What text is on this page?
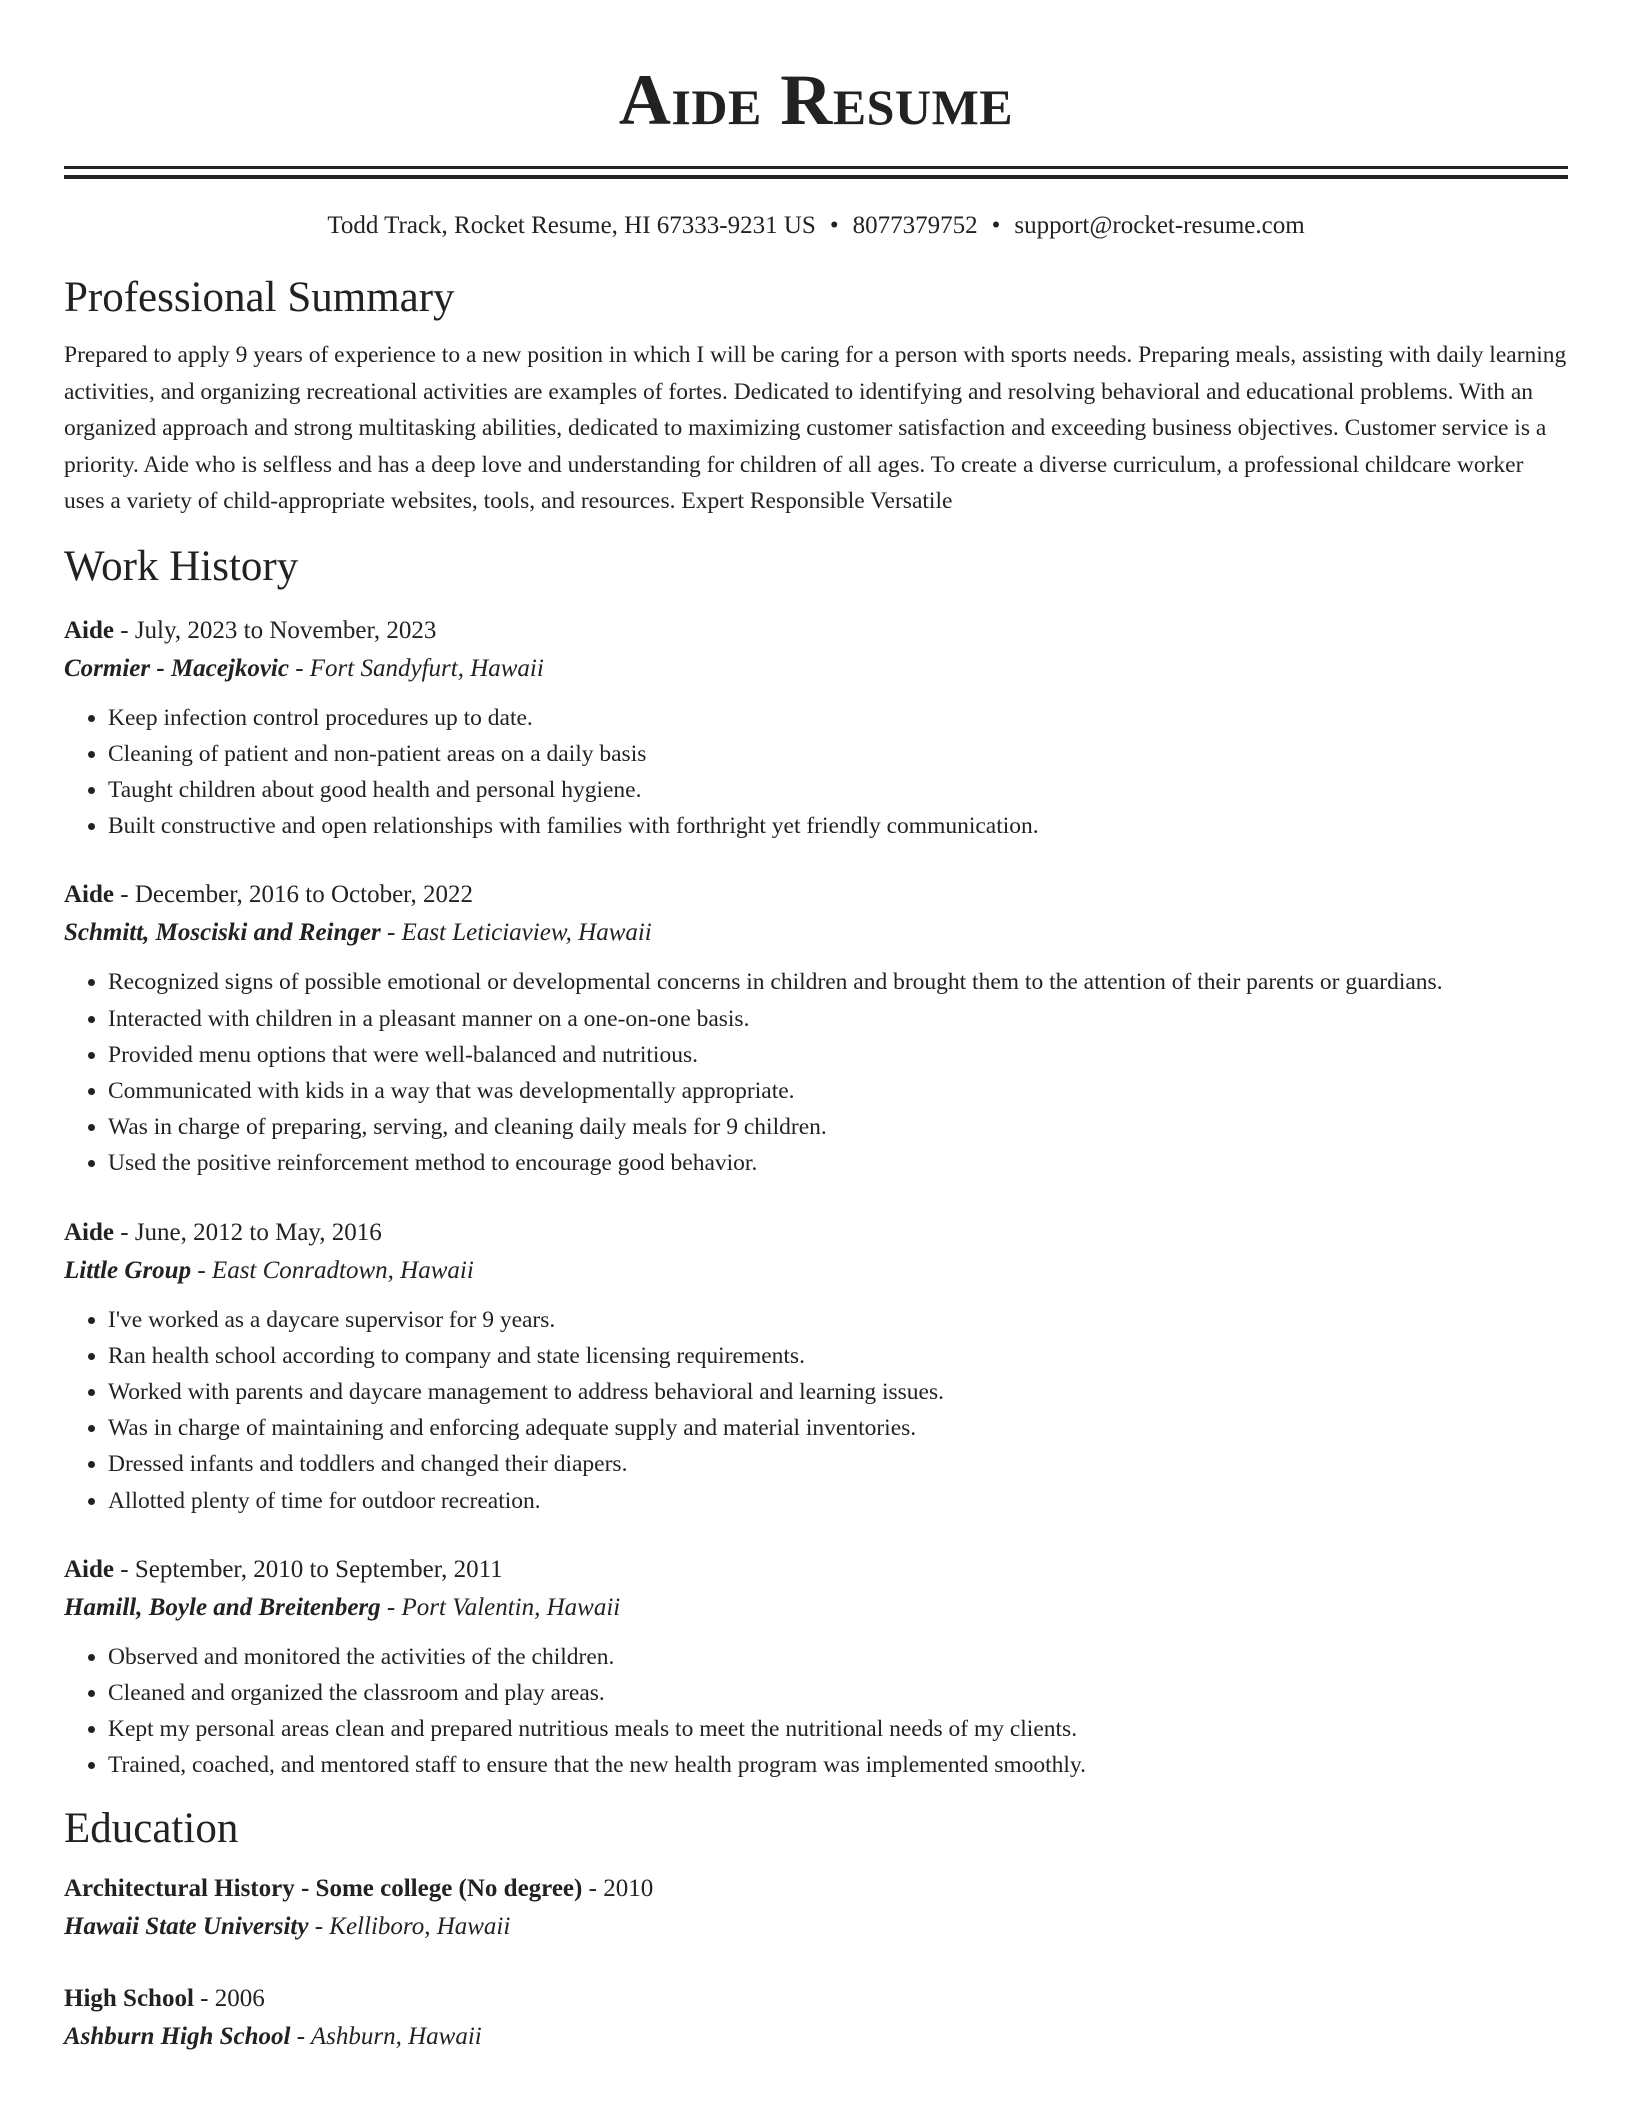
Aide Resume
Todd Track, Rocket Resume, HI 67333-9231 US • 8077379752 • support@rocket-resume.com
Professional Summary

Prepared to apply 9 years of experience to a new position in which I will be caring for a person with sports needs. Preparing meals, assisting with daily learning activities, and organizing recreational activities are examples of fortes. Dedicated to identifying and resolving behavioral and educational problems. With an organized approach and strong multitasking abilities, dedicated to maximizing customer satisfaction and exceeding business objectives. Customer service is a priority. Aide who is selfless and has a deep love and understanding for children of all ages. To create a diverse curriculum, a professional childcare worker uses a variety of child-appropriate websites, tools, and resources. Expert Responsible Versatile

Work History
Aide - July, 2023 to November, 2023
Cormier - Macejkovic - Fort Sandyfurt, Hawaii
• Keep infection control procedures up to date.
• Cleaning of patient and non-patient areas on a daily basis
• Taught children about good health and personal hygiene.
• Built constructive and open relationships with families with forthright yet friendly communication.
Aide - December, 2016 to October, 2022
Schmitt, Mosciski and Reinger - East Leticiaview, Hawaii
• Recognized signs of possible emotional or developmental concerns in children and brought them to the attention of their parents or guardians.
• Interacted with children in a pleasant manner on a one-on-one basis.
• Provided menu options that were well-balanced and nutritious.
• Communicated with kids in a way that was developmentally appropriate.
• Was in charge of preparing, serving, and cleaning daily meals for 9 children.
• Used the positive reinforcement method to encourage good behavior.
Aide - June, 2012 to May, 2016
Little Group - East Conradtown, Hawaii
• I've worked as a daycare supervisor for 9 years.
• Ran health school according to company and state licensing requirements.
• Worked with parents and daycare management to address behavioral and learning issues.
• Was in charge of maintaining and enforcing adequate supply and material inventories.
• Dressed infants and toddlers and changed their diapers.
• Allotted plenty of time for outdoor recreation.
Aide - September, 2010 to September, 2011
Hamill, Boyle and Breitenberg - Port Valentin, Hawaii
• Observed and monitored the activities of the children.
• Cleaned and organized the classroom and play areas.
• Kept my personal areas clean and prepared nutritious meals to meet the nutritional needs of my clients.
• Trained, coached, and mentored staff to ensure that the new health program was implemented smoothly.
Education
Architectural History - Some college (No degree) - 2010
Hawaii State University - Kelliboro, Hawaii
High School - 2006
Ashburn High School - Ashburn, Hawaii
